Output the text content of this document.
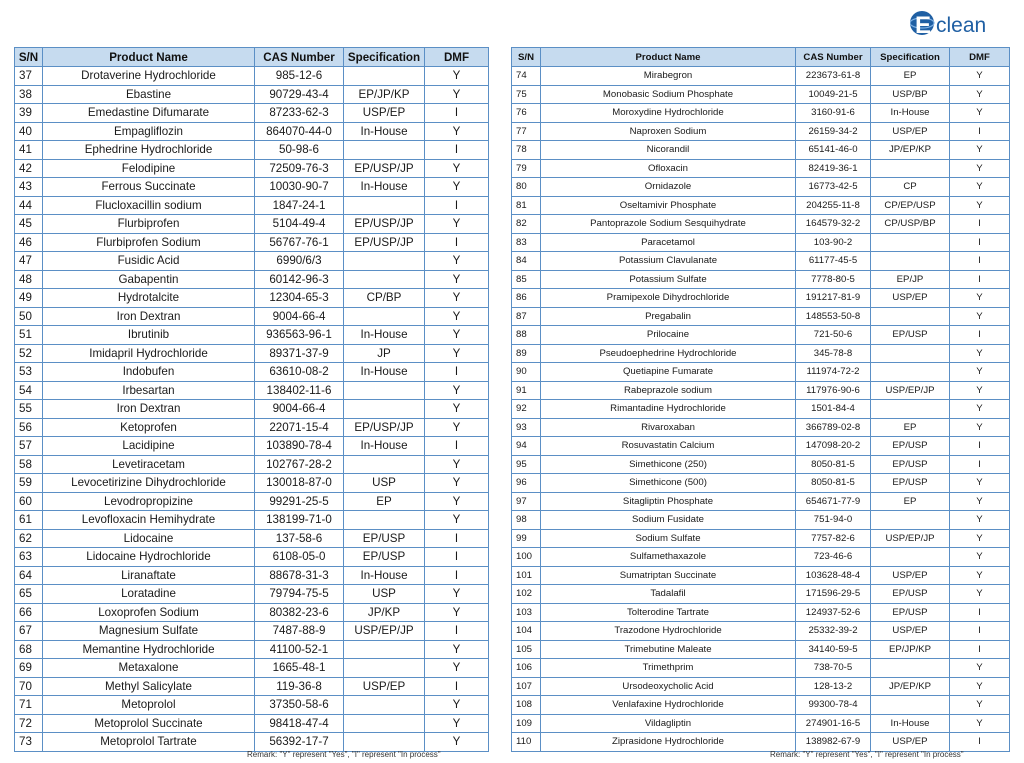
E clean
S/N	Product Name	CAS Number	Specification	DMF
37	Drotaverine Hydrochloride	985-12-6		Y
38	Ebastine	90729-43-4	EP/JP/KP	Y
39	Emedastine Difumarate	87233-62-3	USP/EP	I
40	Empagliflozin	864070-44-0	In-House	Y
41	Ephedrine Hydrochloride	50-98-6		I
42	Felodipine	72509-76-3	EP/USP/JP	Y
43	Ferrous Succinate	10030-90-7	In-House	Y
44	Flucloxacillin sodium	1847-24-1		I
45	Flurbiprofen	5104-49-4	EP/USP/JP	Y
46	Flurbiprofen Sodium	56767-76-1	EP/USP/JP	I
47	Fusidic Acid	6990/6/3		Y
48	Gabapentin	60142-96-3		Y
49	Hydrotalcite	12304-65-3	CP/BP	Y
50	Iron Dextran	9004-66-4		Y
51	Ibrutinib	936563-96-1	In-House	Y
52	Imidapril Hydrochloride	89371-37-9	JP	Y
53	Indobufen	63610-08-2	In-House	I
54	Irbesartan	138402-11-6		Y
55	Iron Dextran	9004-66-4		Y
56	Ketoprofen	22071-15-4	EP/USP/JP	Y
57	Lacidipine	103890-78-4	In-House	I
58	Levetiracetam	102767-28-2		Y
59	Levocetirizine Dihydrochloride	130018-87-0	USP	Y
60	Levodropropizine	99291-25-5	EP	Y
61	Levofloxacin Hemihydrate	138199-71-0		Y
62	Lidocaine	137-58-6	EP/USP	I
63	Lidocaine Hydrochloride	6108-05-0	EP/USP	I
64	Liranaftate	88678-31-3	In-House	I
65	Loratadine	79794-75-5	USP	Y
66	Loxoprofen Sodium	80382-23-6	JP/KP	Y
67	Magnesium Sulfate	7487-88-9	USP/EP/JP	I
68	Memantine Hydrochloride	41100-52-1		Y
69	Metaxalone	1665-48-1		Y
70	Methyl Salicylate	119-36-8	USP/EP	I
71	Metoprolol	37350-58-6		Y
72	Metoprolol Succinate	98418-47-4		Y
73	Metoprolol Tartrate	56392-17-7		Y
S/N	Product Name	CAS Number	Specification	DMF
74	Mirabegron	223673-61-8	EP	Y
75	Monobasic Sodium Phosphate	10049-21-5	USP/BP	Y
76	Moroxydine Hydrochloride	3160-91-6	In-House	Y
77	Naproxen Sodium	26159-34-2	USP/EP	I
78	Nicorandil	65141-46-0	JP/EP/KP	Y
79	Ofloxacin	82419-36-1		Y
80	Ornidazole	16773-42-5	CP	Y
81	Oseltamivir Phosphate	204255-11-8	CP/EP/USP	Y
82	Pantoprazole Sodium Sesquihydrate	164579-32-2	CP/USP/BP	I
83	Paracetamol	103-90-2		I
84	Potassium Clavulanate	61177-45-5		I
85	Potassium Sulfate	7778-80-5	EP/JP	I
86	Pramipexole Dihydrochloride	191217-81-9	USP/EP	Y
87	Pregabalin	148553-50-8		Y
88	Prilocaine	721-50-6	EP/USP	I
89	Pseudoephedrine Hydrochloride	345-78-8		Y
90	Quetiapine Fumarate	111974-72-2		Y
91	Rabeprazole sodium	117976-90-6	USP/EP/JP	Y
92	Rimantadine Hydrochloride	1501-84-4		Y
93	Rivaroxaban	366789-02-8	EP	Y
94	Rosuvastatin Calcium	147098-20-2	EP/USP	I
95	Simethicone (250)	8050-81-5	EP/USP	I
96	Simethicone (500)	8050-81-5	EP/USP	Y
97	Sitagliptin Phosphate	654671-77-9	EP	Y
98	Sodium Fusidate	751-94-0		Y
99	Sodium Sulfate	7757-82-6	USP/EP/JP	Y
100	Sulfamethaxazole	723-46-6		Y
101	Sumatriptan Succinate	103628-48-4	USP/EP	Y
102	Tadalafil	171596-29-5	EP/USP	Y
103	Tolterodine Tartrate	124937-52-6	EP/USP	I
104	Trazodone Hydrochloride	25332-39-2	USP/EP	I
105	Trimebutine Maleate	34140-59-5	EP/JP/KP	I
106	Trimethprim	738-70-5		Y
107	Ursodeoxycholic Acid	128-13-2	JP/EP/KP	Y
108	Venlafaxine Hydrochloride	99300-78-4		Y
109	Vildagliptin	274901-16-5	In-House	Y
110	Ziprasidone Hydrochloride	138982-67-9	USP/EP	I
Remark: "Y" represent "Yes", "I" represent "In process"	Remark: "Y" represent "Yes", "I" represent "In process"
